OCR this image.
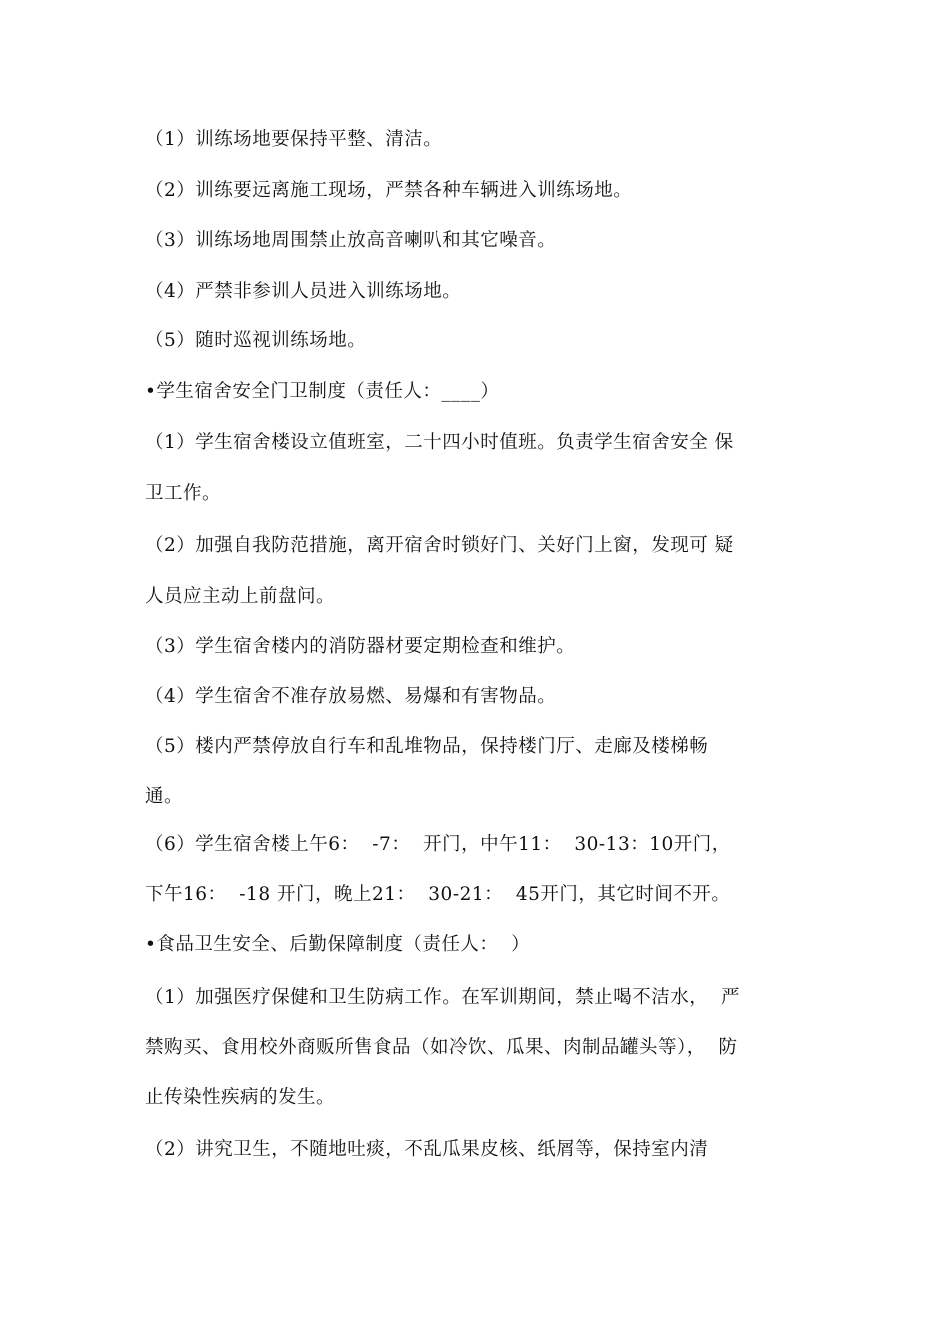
（1）训练场地要保持平整、清洁。
（2）训练要远离施工现场，严禁各种车辆进入训练场地。
（3）训练场地周围禁止放高音喇叭和其它噪音。
（4）严禁非参训人员进入训练场地。
（5）随时巡视训练场地。
•学生宿舍安全门卫制度（责任人：____）
（1）学生宿舍楼设立值班室，二十四小时值班。负责学生宿舍安全 保
卫工作。
（2）加强自我防范措施，离开宿舍时锁好门、关好门上窗，发现可 疑
人员应主动上前盘问。
（3）学生宿舍楼内的消防器材要定期检查和维护。
（4）学生宿舍不准存放易燃、易爆和有害物品。
（5）楼内严禁停放自行车和乱堆物品，保持楼门厅、走廊及楼梯畅
通。
（6）学生宿舍楼上午6：  -7：  开门，中午11：  30-13：10开门，
下午16：  -18 开门，晚上21：  30-21：  45开门，其它时间不开。
•食品卫生安全、后勤保障制度（责任人：  ）
（1）加强医疗保健和卫生防病工作。在军训期间，禁止喝不洁水，  严
禁购买、食用校外商贩所售食品（如冷饮、瓜果、肉制品罐头等），  防
止传染性疾病的发生。
（2）讲究卫生，不随地吐痰，不乱瓜果皮核、纸屑等，保持室内清
